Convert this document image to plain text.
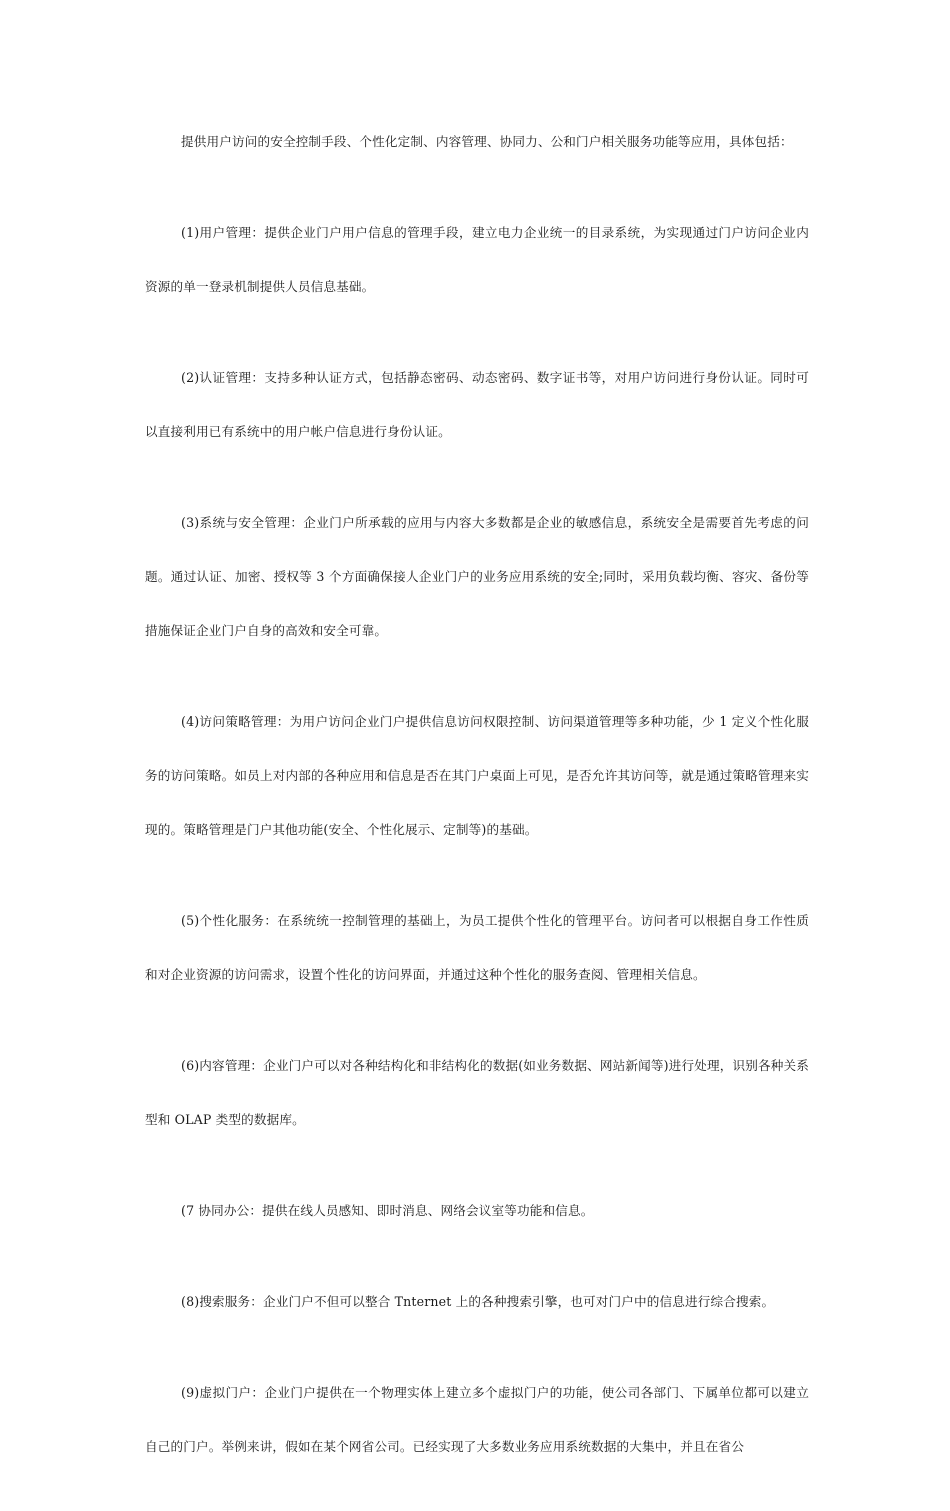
提供用户访问的安全控制手段、个性化定制、内容管理、协同力、公和门户相关服务功能等应用，具体包括：

(1)用户管理：提供企业门户用户信息的管理手段，建立电力企业统一的目录系统，为实现通过门户访问企业内资源的单一登录机制提供人员信息基础。

(2)认证管理：支持多种认证方式，包括静态密码、动态密码、数字证书等，对用户访问进行身份认证。同时可以直接利用已有系统中的用户帐户信息进行身份认证。

(3)系统与安全管理：企业门户所承载的应用与内容大多数都是企业的敏感信息，系统安全是需要首先考虑的问题。通过认证、加密、授权等 3 个方面确保接人企业门户的业务应用系统的安全;同时，采用负载均衡、容灾、备份等措施保证企业门户自身的高效和安全可靠。

(4)访问策略管理：为用户访问企业门户提供信息访问权限控制、访问渠道管理等多种功能，少 1 定义个性化服务的访问策略。如员上对内部的各种应用和信息是否在其门户桌面上可见，是否允许其访问等，就是通过策略管理来实现的。策略管理是门户其他功能(安全、个性化展示、定制等)的基础。

(5)个性化服务：在系统统一控制管理的基础上，为员工提供个性化的管理平台。访问者可以根据自身工作性质和对企业资源的访问需求，设置个性化的访问界面，并通过这种个性化的服务查阅、管理相关信息。

(6)内容管理：企业门户可以对各种结构化和非结构化的数据(如业务数据、网站新闻等)进行处理，识别各种关系型和 OLAP 类型的数据库。

(7 协同办公：提供在线人员感知、即时消息、网络会议室等功能和信息。

(8)搜索服务：企业门户不但可以整合 Tnternet 上的各种搜索引擎，也可对门户中的信息进行综合搜索。

(9)虚拟门户：企业门户提供在一个物理实体上建立多个虚拟门户的功能，使公司各部门、下属单位都可以建立自己的门户。举例来讲，假如在某个网省公司。已经实现了大多数业务应用系统数据的大集中，并且在省公
